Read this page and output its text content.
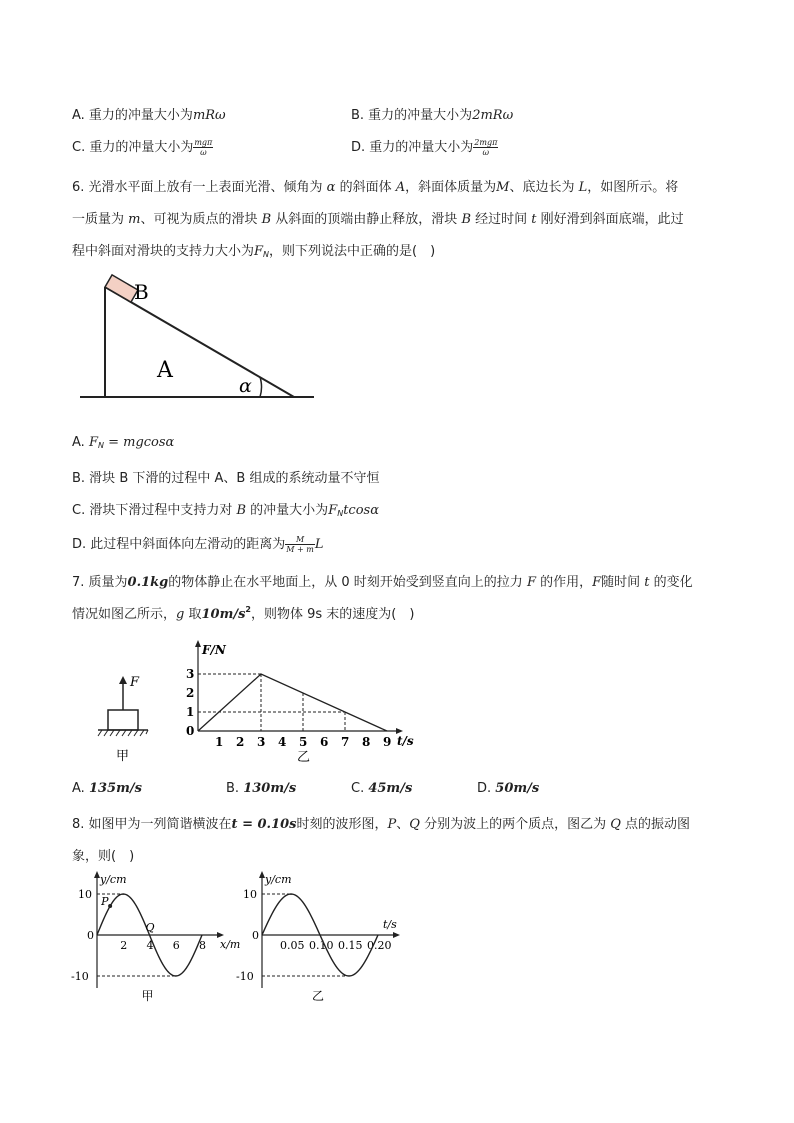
A. 重力的冲量大小为mRω	B. 重力的冲量大小为2mRω
C. 重力的冲量大小为 $\frac{\text{mgπ}}{\omega}$	D. 重力的冲量大小为 $\frac{\text{2mgπ}}{\omega}$
6. 光滑水平面上放有一上表面光滑、倾角为 α 的斜面体 A，斜面体质量为M、底边长为 L，如图所示。将
一质量为 m、可视为质点的滑块 B 从斜面的顶端由静止释放，滑块 B 经过时间 t 刚好滑到斜面底端，此过
程中斜面对滑块的支持力大小为$F_N$，则下列说法中正确的是(　)
B
A
α
A. $F_N = mgcos\alpha$
B. 滑块 B 下滑的过程中 A、B 组成的系统动量不守恒
C. 滑块下滑过程中支持力对 B 的冲量大小为$F_Ntcos\alpha$
D. 此过程中斜面体向左滑动的距离为 $\frac{M}{M + m}$ L
7. 质量为0.1kg的物体静止在水平地面上，从 0 时刻开始受到竖直向上的拉力 F 的作用，F随时间 t 的变化
情况如图乙所示，g 取$10m/s^2$，则物体 9s 末的速度为(　)
F
甲
F/N
t/s
0
1 2 3 4 5 6 7 8 9
1
2
3
乙
A. 135m/s	B. 130m/s	C. 45m/s	D. 50m/s
8. 如图甲为一列简谐横波在t = 0.10s时刻的波形图，P、Q 分别为波上的两个质点，图乙为 Q 点的振动图
象，则(　)
y/cm
x/m
10
0
-10
2 4 6 8
甲
P
Q
y/cm
t/s
10
0
-10
0.05 0.10 0.15 0.20
乙
